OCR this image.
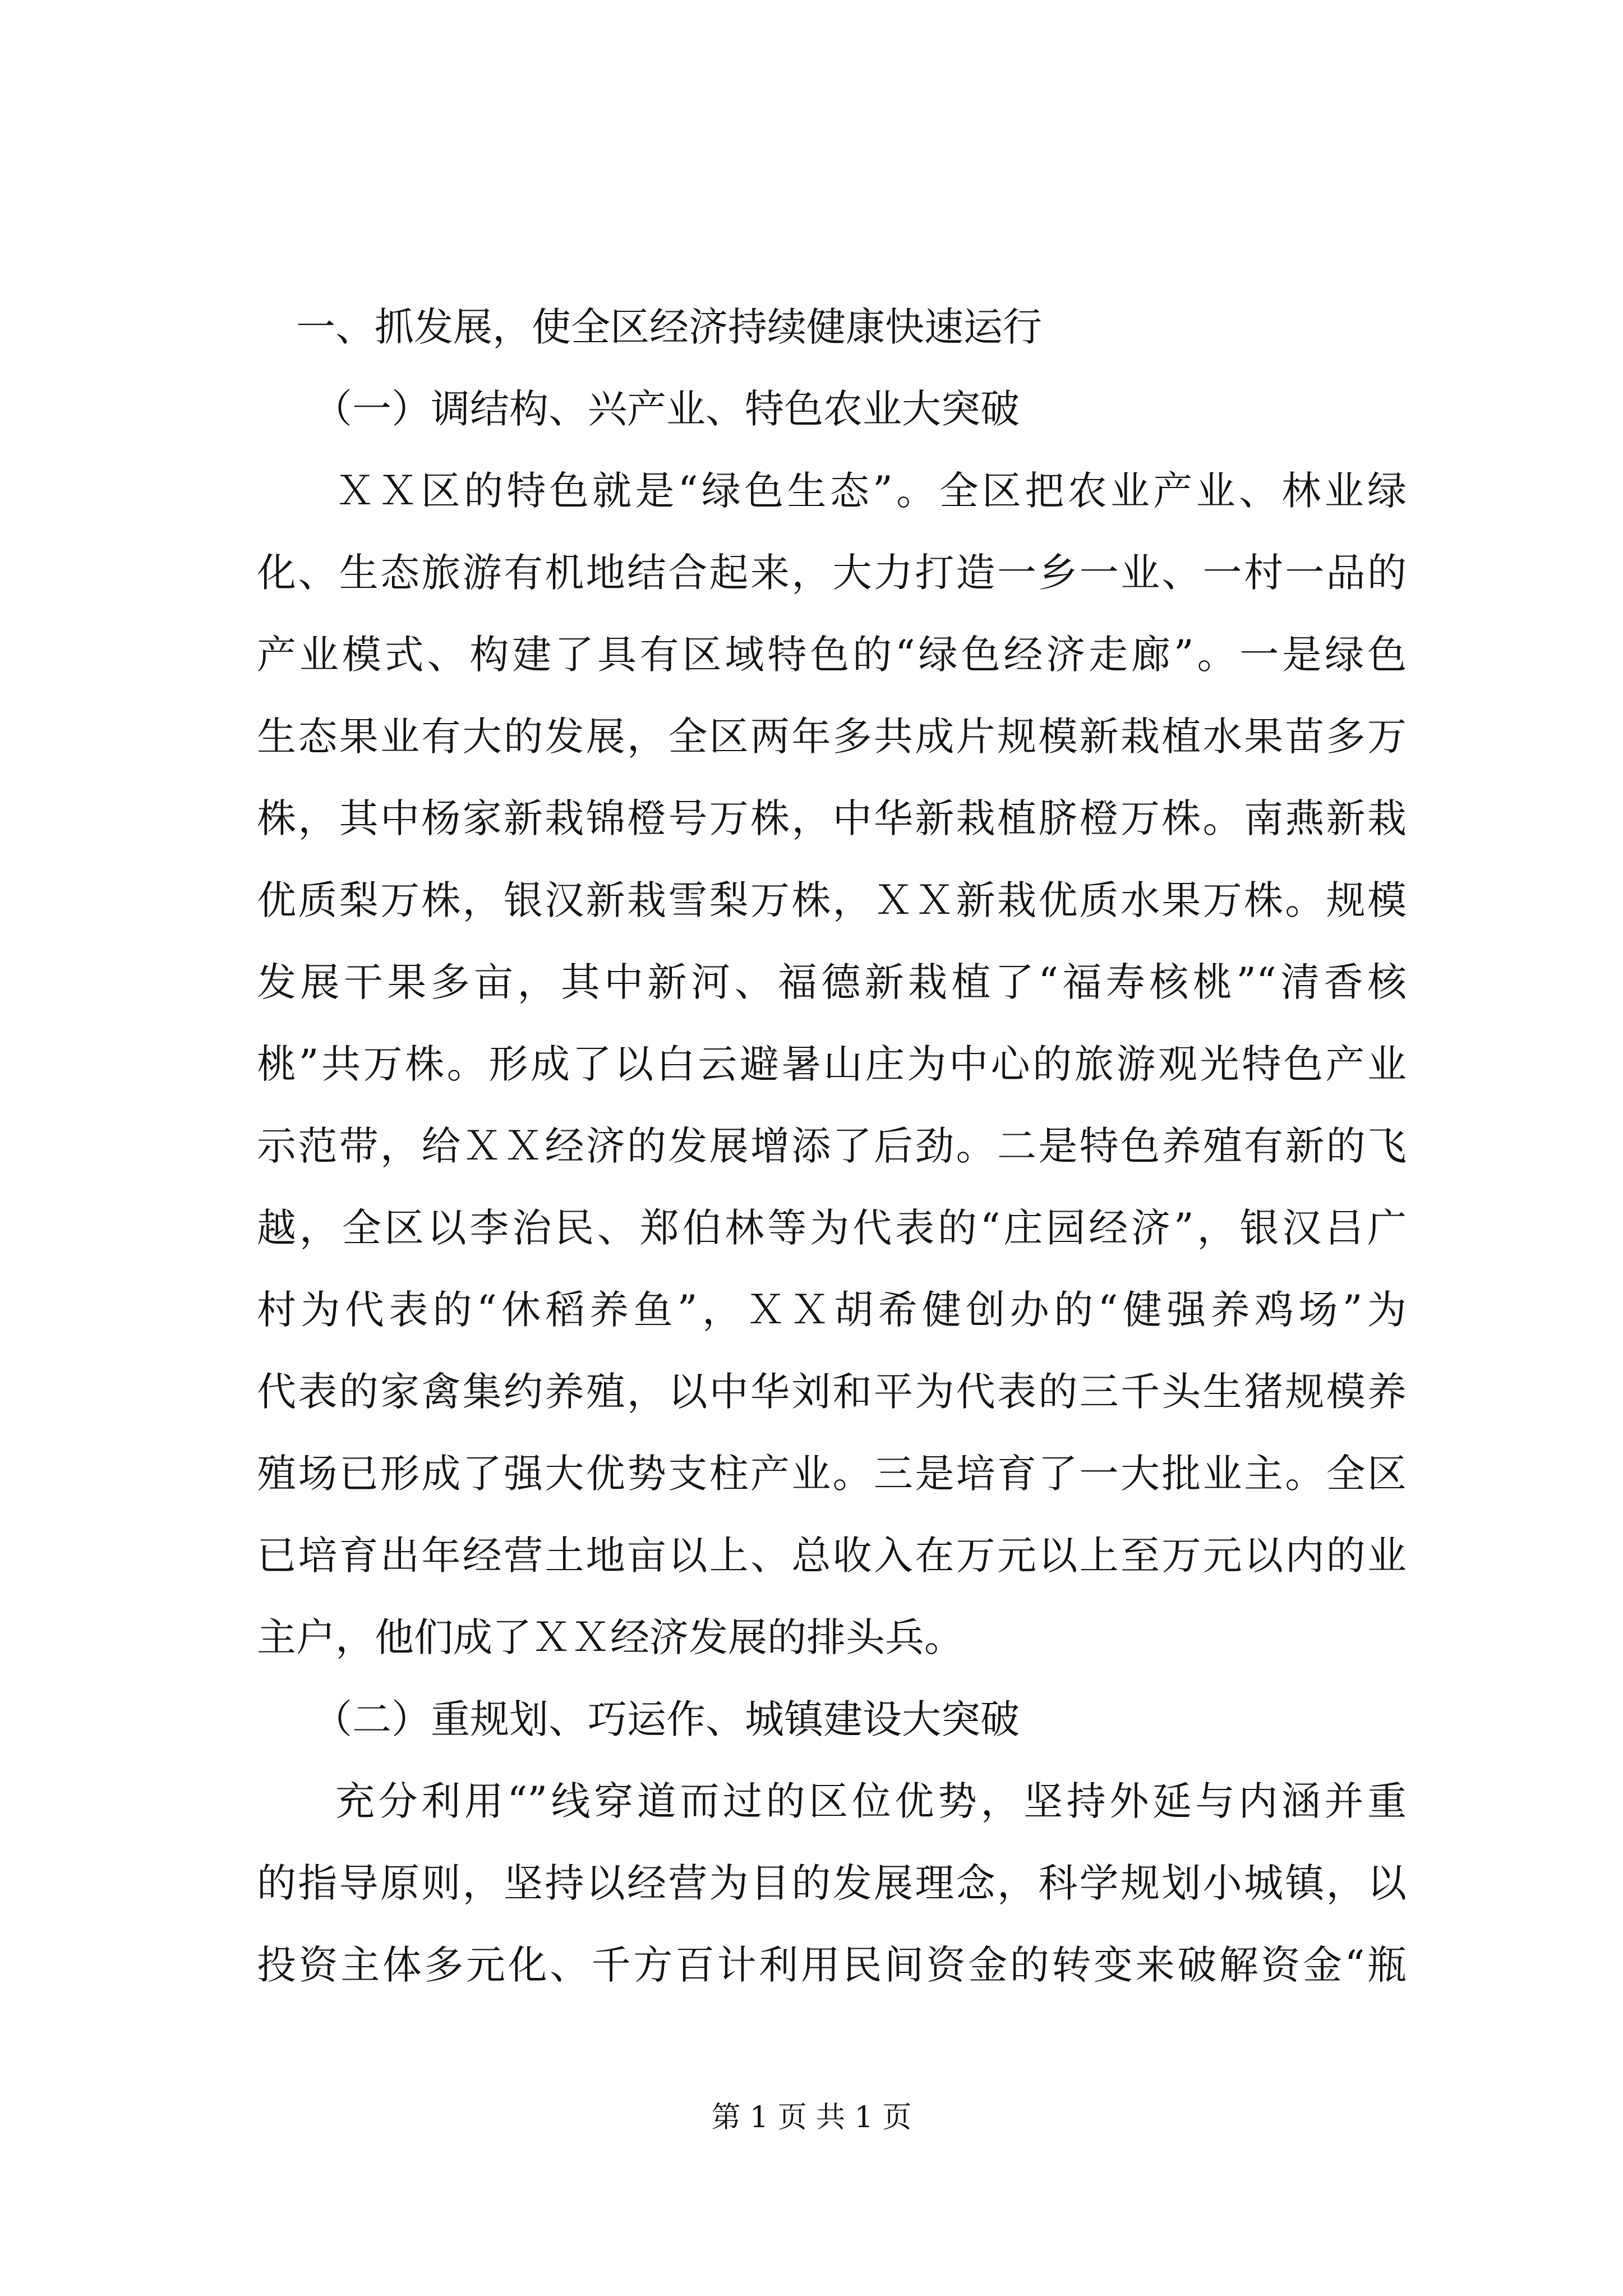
一、抓发展，使全区经济持续健康快速运行
（一）调结构、兴产业、特色农业大突破
ＸＸ区的特色就是“绿色生态”。全区把农业产业、林业绿
化、生态旅游有机地结合起来，大力打造一乡一业、一村一品的
产业模式、构建了具有区域特色的“绿色经济走廊”。一是绿色
生态果业有大的发展，全区两年多共成片规模新栽植水果苗多万
株，其中杨家新栽锦橙号万株，中华新栽植脐橙万株。南燕新栽
优质梨万株，银汉新栽雪梨万株，ＸＸ新栽优质水果万株。规模
发展干果多亩，其中新河、福德新栽植了“福寿核桃”“清香核
桃”共万株。形成了以白云避暑山庄为中心的旅游观光特色产业
示范带，给ＸＸ经济的发展增添了后劲。二是特色养殖有新的飞
越，全区以李治民、郑伯林等为代表的“庄园经济”，银汉吕广
村为代表的“休稻养鱼”，ＸＸ胡希健创办的“健强养鸡场”为
代表的家禽集约养殖，以中华刘和平为代表的三千头生猪规模养
殖场已形成了强大优势支柱产业。三是培育了一大批业主。全区
已培育出年经营土地亩以上、总收入在万元以上至万元以内的业
主户，他们成了ＸＸ经济发展的排头兵。
（二）重规划、巧运作、城镇建设大突破
充分利用“”线穿道而过的区位优势，坚持外延与内涵并重
的指导原则，坚持以经营为目的发展理念，科学规划小城镇，以
投资主体多元化、千方百计利用民间资金的转变来破解资金“瓶
第 1 页 共 1 页
